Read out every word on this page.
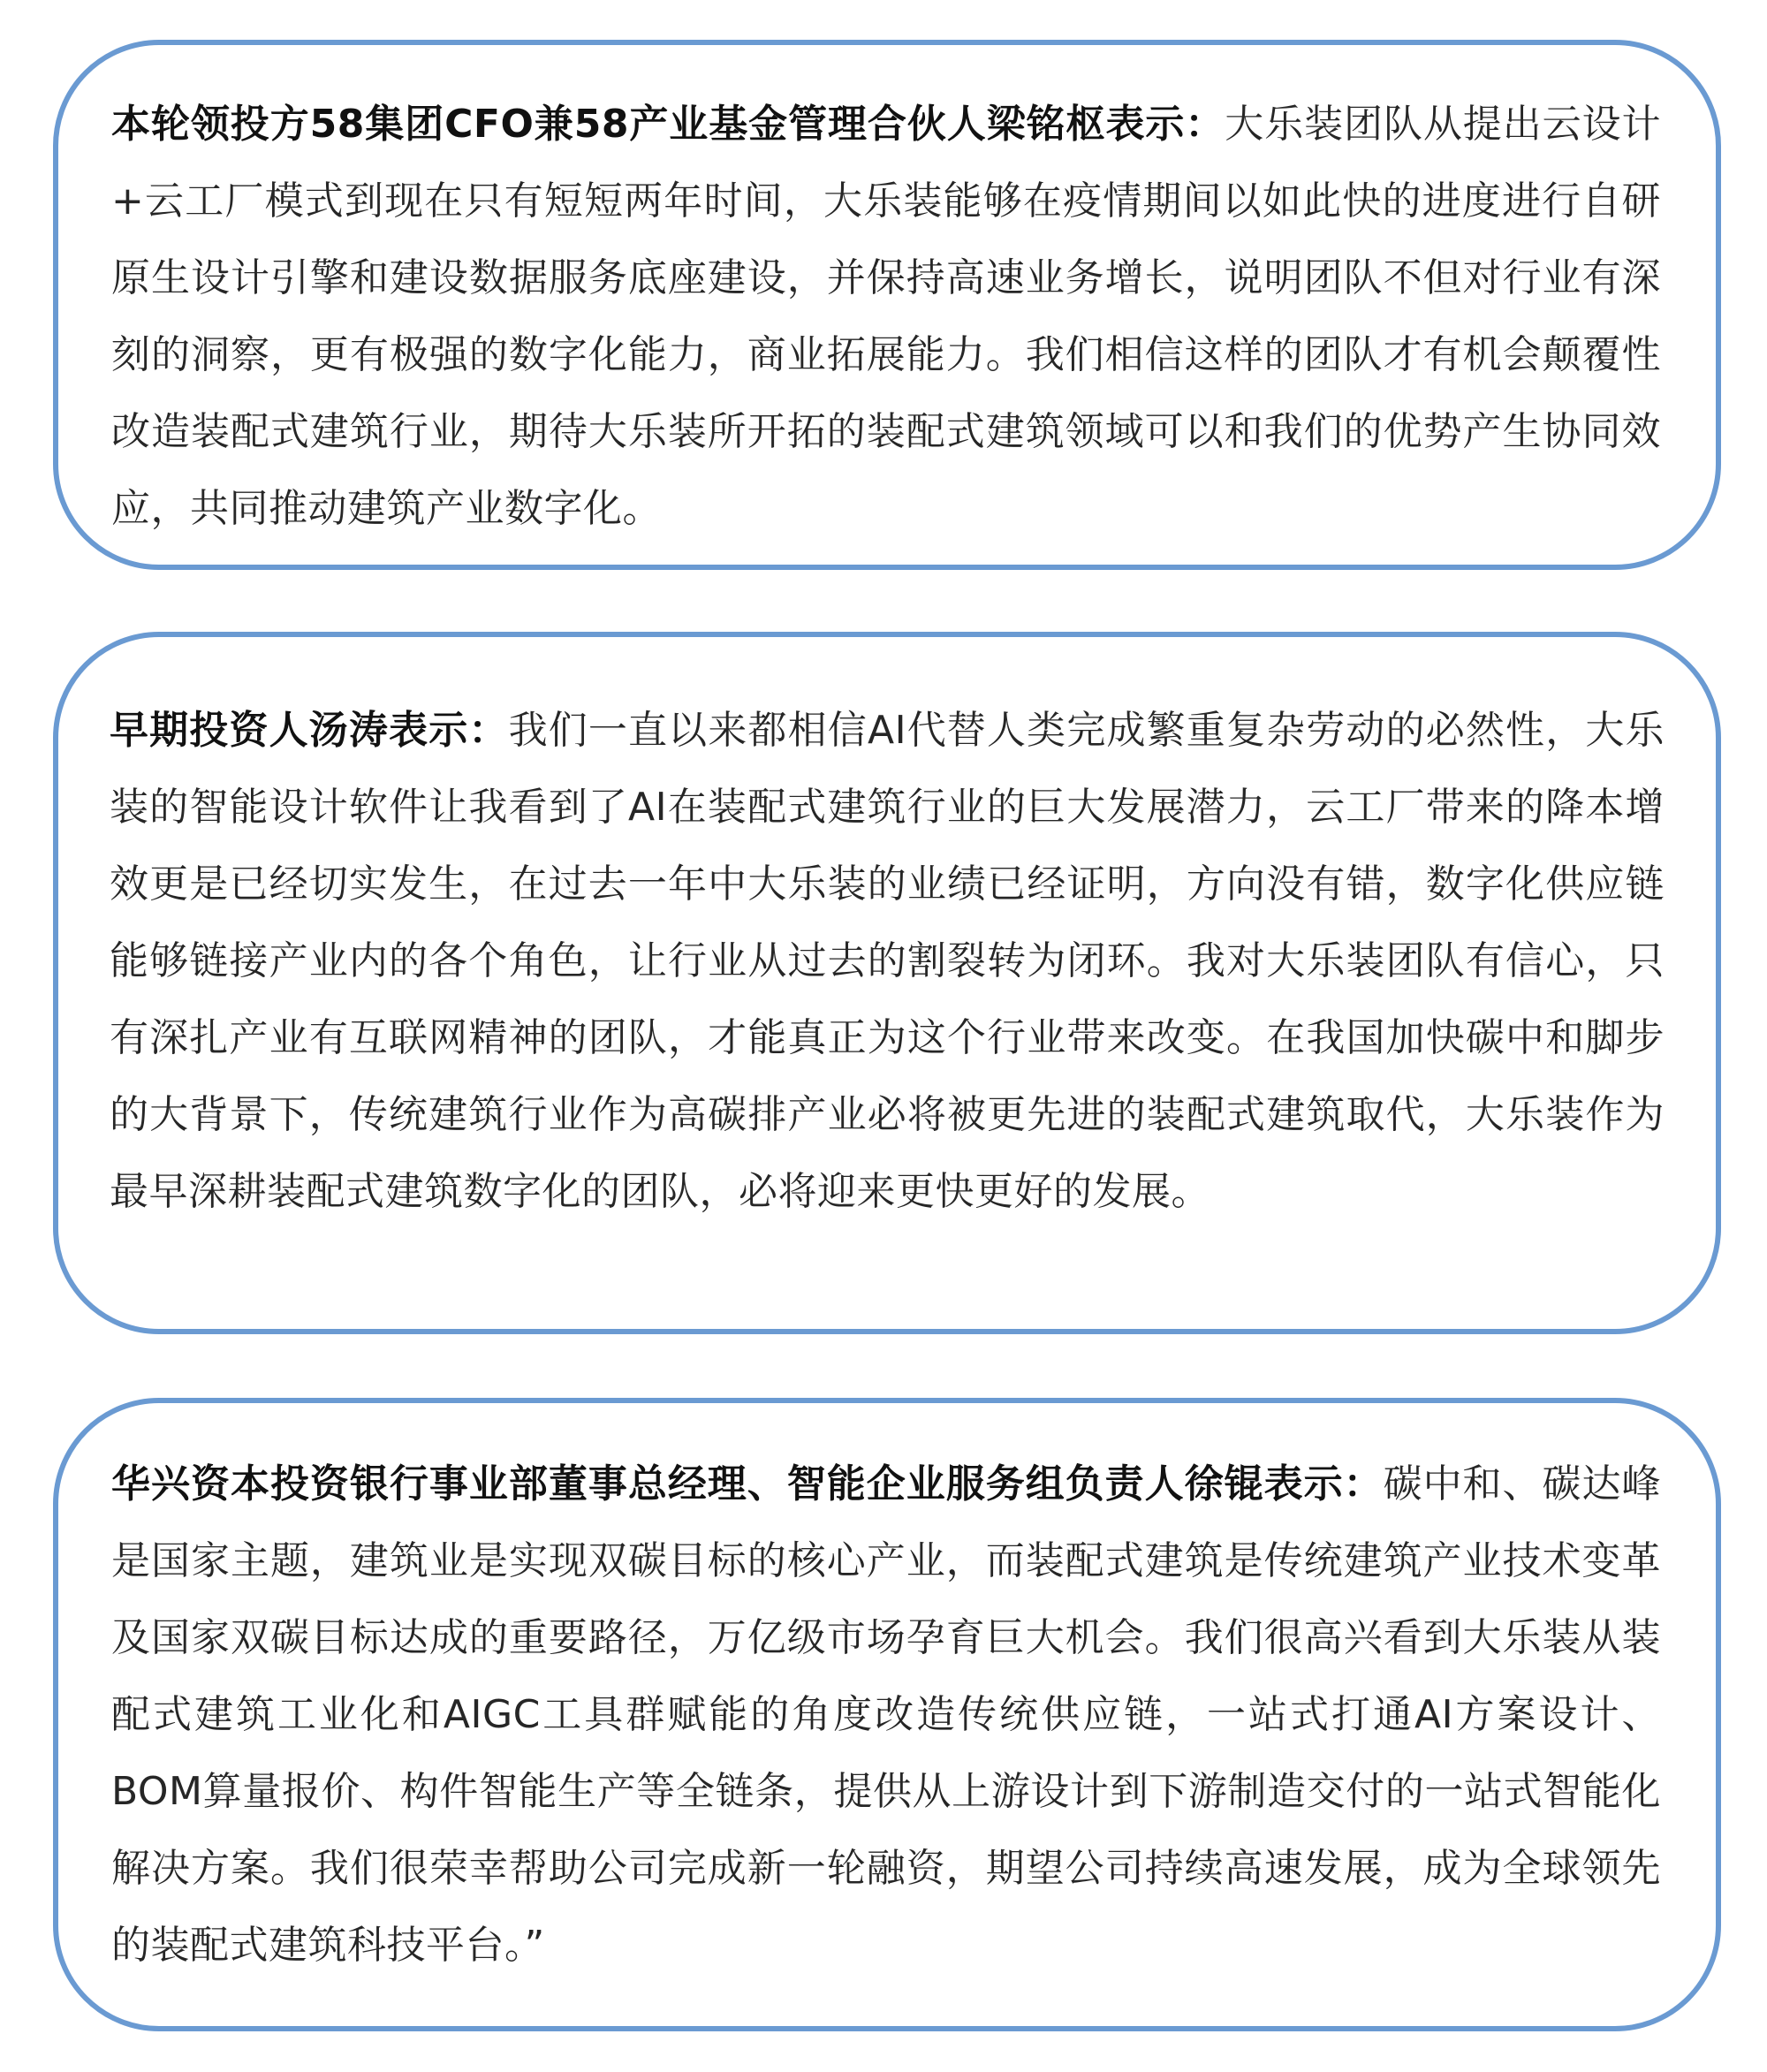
本轮领投方58集团CFO兼58产业基金管理合伙人梁铭枢表示：大乐装团队从提出云设计+云工厂模式到现在只有短短两年时间，大乐装能够在疫情期间以如此快的进度进行自研原生设计引擎和建设数据服务底座建设，并保持高速业务增长，说明团队不但对行业有深刻的洞察，更有极强的数字化能力，商业拓展能力。我们相信这样的团队才有机会颠覆性改造装配式建筑行业，期待大乐装所开拓的装配式建筑领域可以和我们的优势产生协同效应，共同推动建筑产业数字化。

早期投资人汤涛表示：我们一直以来都相信AI代替人类完成繁重复杂劳动的必然性，大乐装的智能设计软件让我看到了AI在装配式建筑行业的巨大发展潜力，云工厂带来的降本增效更是已经切实发生，在过去一年中大乐装的业绩已经证明，方向没有错，数字化供应链能够链接产业内的各个角色，让行业从过去的割裂转为闭环。我对大乐装团队有信心，只有深扎产业有互联网精神的团队，才能真正为这个行业带来改变。在我国加快碳中和脚步的大背景下，传统建筑行业作为高碳排产业必将被更先进的装配式建筑取代，大乐装作为最早深耕装配式建筑数字化的团队，必将迎来更快更好的发展。

华兴资本投资银行事业部董事总经理、智能企业服务组负责人徐锟表示：碳中和、碳达峰是国家主题，建筑业是实现双碳目标的核心产业，而装配式建筑是传统建筑产业技术变革及国家双碳目标达成的重要路径，万亿级市场孕育巨大机会。我们很高兴看到大乐装从装配式建筑工业化和AIGC工具群赋能的角度改造传统供应链，一站式打通AI方案设计、BOM算量报价、构件智能生产等全链条，提供从上游设计到下游制造交付的一站式智能化解决方案。我们很荣幸帮助公司完成新一轮融资，期望公司持续高速发展，成为全球领先的装配式建筑科技平台。”
